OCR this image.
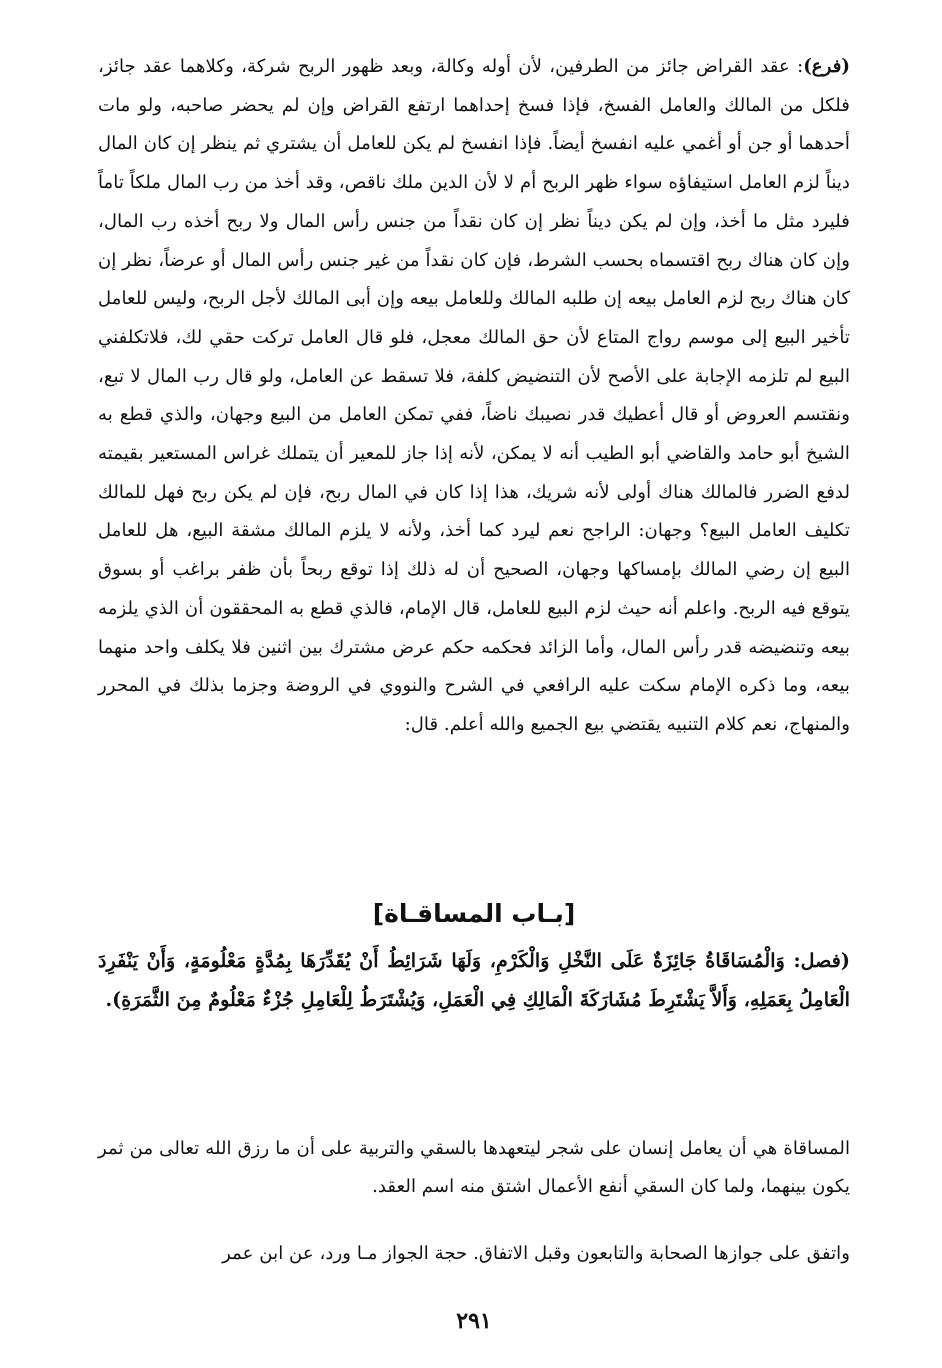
(فرع): عقد القراض جائز من الطرفين، لأن أوله وكالة، وبعد ظهور الربح شركة، وكلاهما عقد جائز، فلكل من المالك والعامل الفسخ، فإذا فسخ إحداهما ارتفع القراض وإن لم يحضر صاحبه، ولو مات أحدهما أو جن أو أغمي عليه انفسخ أيضاً. فإذا انفسخ لم يكن للعامل أن يشتري ثم ينظر إن كان المال ديناً لزم العامل استيفاؤه سواء ظهر الربح أم لا لأن الدين ملك ناقص، وقد أخذ من رب المال ملكاً تاماً فليرد مثل ما أخذ، وإن لم يكن ديناً نظر إن كان نقداً من جنس رأس المال ولا ربح أخذه رب المال، وإن كان هناك ربح اقتسماه بحسب الشرط، فإن كان نقداً من غير جنس رأس المال أو عرضاً، نظر إن كان هناك ربح لزم العامل بيعه إن طلبه المالك وللعامل بيعه وإن أبى المالك لأجل الربح، وليس للعامل تأخير البيع إلى موسم رواج المتاع لأن حق المالك معجل، فلو قال العامل تركت حقي لك، فلاتكلفني البيع لم تلزمه الإجابة على الأصح لأن التنضيض كلفة، فلا تسقط عن العامل، ولو قال رب المال لا تبع، ونقتسم العروض أو قال أعطيك قدر نصيبك ناضاً، ففي تمكن العامل من البيع وجهان، والذي قطع به الشيخ أبو حامد والقاضي أبو الطيب أنه لا يمكن، لأنه إذا جاز للمعير أن يتملك غراس المستعير بقيمته لدفع الضرر فالمالك هناك أولى لأنه شريك، هذا إذا كان في المال ربح، فإن لم يكن ربح فهل للمالك تكليف العامل البيع؟ وجهان: الراجح نعم ليرد كما أخذ، ولأنه لا يلزم المالك مشقة البيع، هل للعامل البيع إن رضي المالك بإمساكها وجهان، الصحيح أن له ذلك إذا توقع ربحاً بأن ظفر براغب أو بسوق يتوقع فيه الربح. واعلم أنه حيث لزم البيع للعامل، قال الإمام، فالذي قطع به المحققون أن الذي يلزمه بيعه وتنضيضه قدر رأس المال، وأما الزائد فحكمه حكم عرض مشترك بين اثنين فلا يكلف واحد منهما بيعه، وما ذكره الإمام سكت عليه الرافعي في الشرح والنووي في الروضة وجزما بذلك في المحرر والمنهاج، نعم كلام التنبيه يقتضي بيع الجميع والله أعلم. قال:

[بـاب المساقـاة]

(فصل: وَالْمُسَاقَاةُ جَائِزَةٌ عَلَى النَّخْلِ وَالْكَرْمِ، وَلَهَا شَرَائِطُ أَنْ يُقَدِّرَهَا بِمُدَّةٍ مَعْلُومَةٍ، وَأَنْ يَنْفَرِدَ الْعَامِلُ بِعَمَلِهِ، وَأَلاَّ يَشْتَرِطَ مُشَارَكَةَ الْمَالِكِ فِي الْعَمَلِ، وَيُشْتَرَطُ لِلْعَامِلِ جُزْءٌ مَعْلُومٌ مِنَ الثَّمَرَةِ).

المساقاة هي أن يعامل إنسان على شجر ليتعهدها بالسقي والتربية على أن ما رزق الله تعالى من ثمر يكون بينهما، ولما كان السقي أنفع الأعمال اشتق منه اسم العقد.

واتفق على جوازها الصحابة والتابعون وقبل الاتفاق. حجة الجواز مـا ورد، عن ابن عمر

٢٩١
